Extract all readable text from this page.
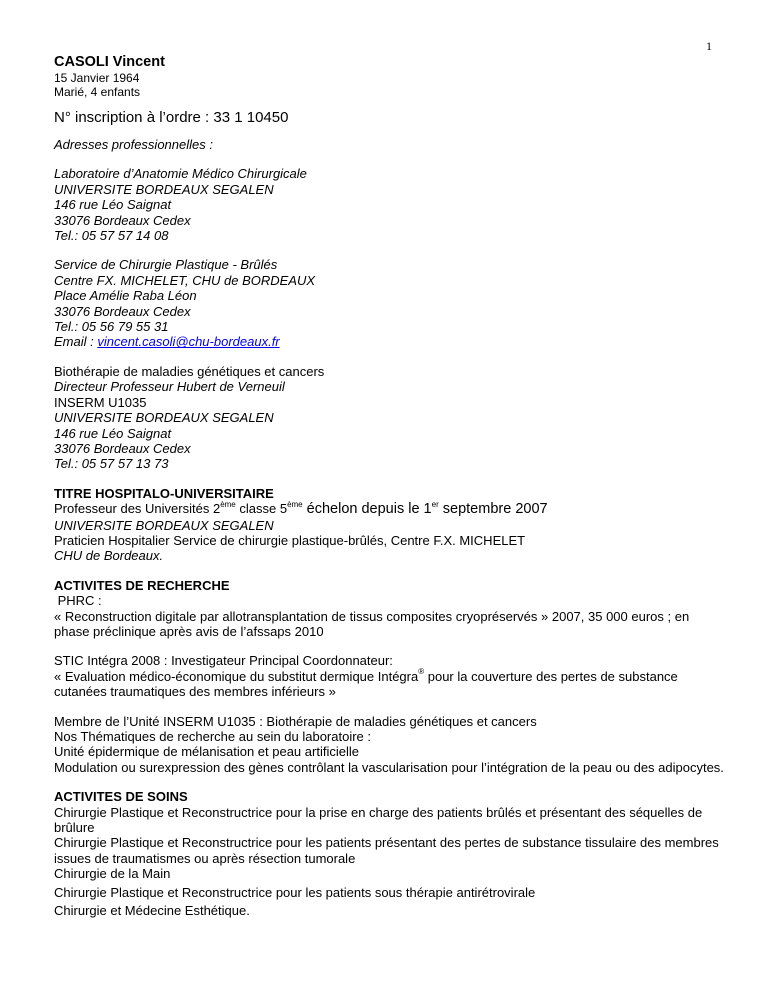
1

CASOLI Vincent

15 Janvier 1964

Marié, 4 enfants

N° inscription à l’ordre : 33 1 10450

Adresses professionnelles :

Laboratoire d’Anatomie Médico Chirurgicale

UNIVERSITE BORDEAUX SEGALEN

146 rue Léo Saignat

33076 Bordeaux Cedex

Tel.: 05 57 57 14 08

Service de Chirurgie Plastique - Brûlés

Centre FX. MICHELET, CHU de BORDEAUX

Place Amélie Raba Léon

33076 Bordeaux Cedex

Tel.: 05 56 79 55 31

Email : vincent.casoli@chu-bordeaux.fr

Biothérapie de maladies génétiques et cancers

Directeur Professeur Hubert de Verneuil

INSERM U1035

UNIVERSITE BORDEAUX SEGALEN

146 rue Léo Saignat

33076 Bordeaux Cedex

Tel.: 05 57 57 13 73

TITRE HOSPITALO-UNIVERSITAIRE

Professeur des Universités 2ème classe 5ème échelon depuis le 1er septembre 2007

UNIVERSITE BORDEAUX SEGALEN

Praticien Hospitalier Service de chirurgie plastique-brûlés, Centre F.X. MICHELET

CHU de Bordeaux.

ACTIVITES DE RECHERCHE

PHRC :

« Reconstruction digitale par allotransplantation de tissus composites cryopréservés » 2007, 35 000 euros ; en phase préclinique après avis de l’afssaps 2010

STIC Intégra 2008 : Investigateur Principal Coordonnateur:

« Evaluation médico-économique du substitut dermique Intégra® pour la couverture des pertes de substance cutanées traumatiques des membres inférieurs »

Membre de l’Unité INSERM U1035 : Biothérapie de maladies génétiques et cancers

Nos Thématiques de recherche au sein du laboratoire :

Unité épidermique de mélanisation et peau artificielle

Modulation ou surexpression des gènes contrôlant la vascularisation pour l’intégration de la peau ou des adipocytes.

ACTIVITES DE SOINS

Chirurgie Plastique et Reconstructrice pour la prise en charge des patients brûlés et présentant des séquelles de brûlure

Chirurgie Plastique et Reconstructrice pour les patients présentant des pertes de substance tissulaire des membres issues de traumatismes ou après résection tumorale

Chirurgie de la Main

Chirurgie Plastique et Reconstructrice pour les patients sous thérapie antirétrovirale

Chirurgie et Médecine Esthétique.
